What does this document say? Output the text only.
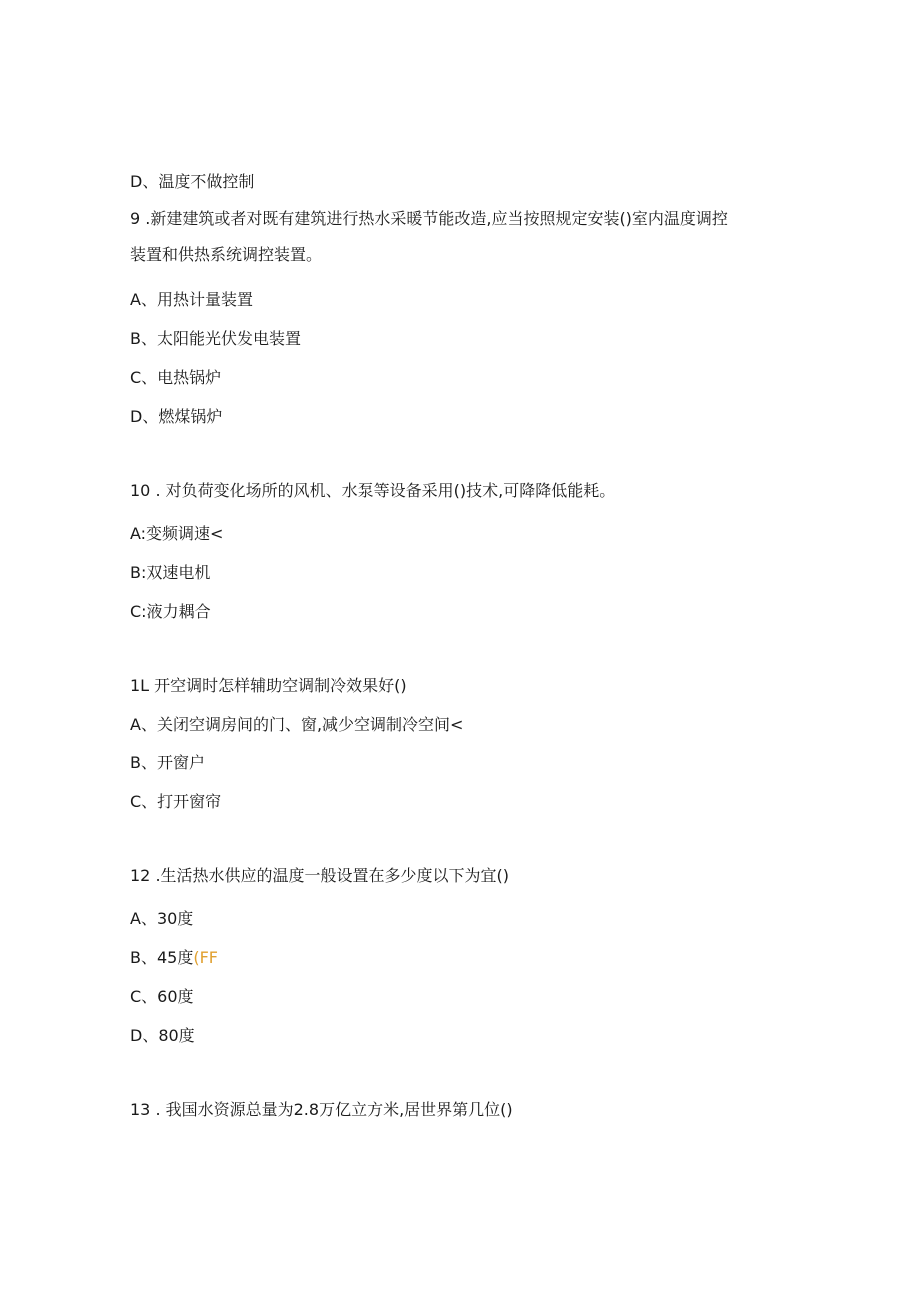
D、温度不做控制
9 .新建建筑或者对既有建筑进行热水采暖节能改造,应当按照规定安装()室内温度调控
装置和供热系统调控装置。
A、用热计量装置
B、太阳能光伏发电装置
C、电热锅炉
D、燃煤锅炉
10 . 对负荷变化场所的风机、水泵等设备采用()技术,可降降低能耗。
A:变频调速<
B:双速电机
C:液力耦合
1L 开空调时怎样辅助空调制冷效果好()
A、关闭空调房间的门、窗,减少空调制冷空间<
B、开窗户
C、打开窗帘
12 .生活热水供应的温度一般设置在多少度以下为宜()
A、30度
B、45度(FF
C、60度
D、80度
13 . 我国水资源总量为2.8万亿立方米,居世界第几位()
